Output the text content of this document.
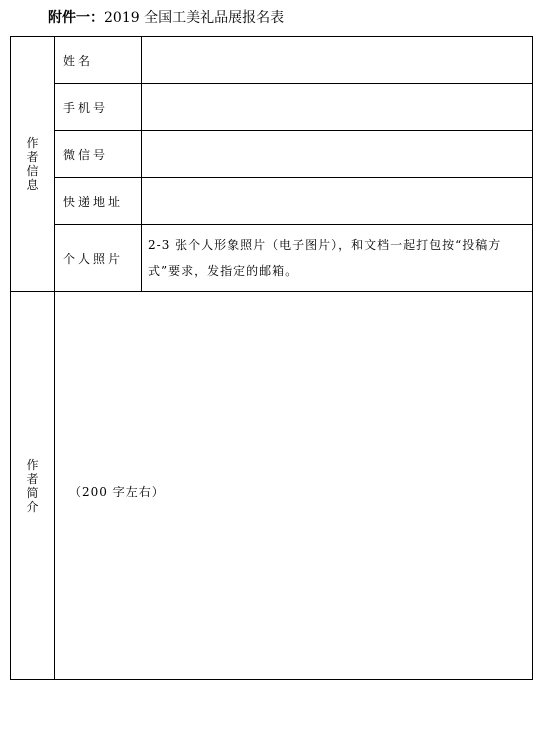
附件一：2019 全国工美礼品展报名表
作者信息	姓名	
	手机号	
	微信号	
	快递地址	
	个人照片	2-3 张个人形象照片（电子图片），和文档一起打包按“投稿方式”要求，发指定的邮箱。
作者简介	（200 字左右）	
